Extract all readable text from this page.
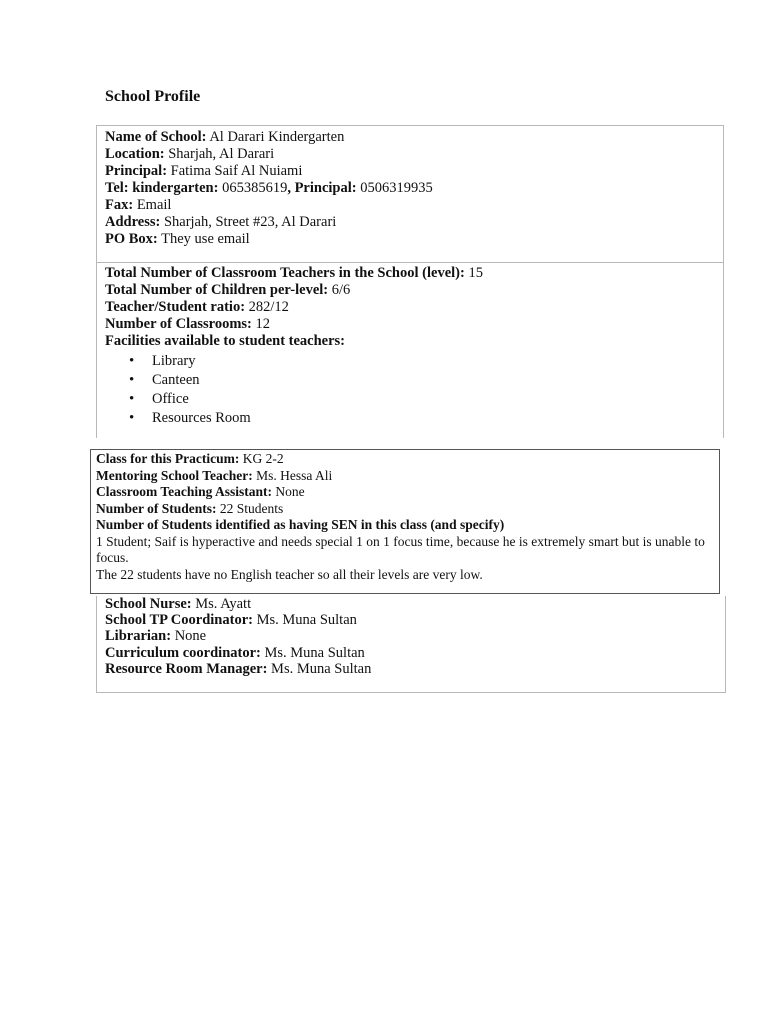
School Profile
Name of School: Al Darari Kindergarten
Location: Sharjah, Al Darari
Principal: Fatima Saif Al Nuiami
Tel: kindergarten: 065385619, Principal: 0506319935
Fax: Email
Address: Sharjah, Street #23, Al Darari
PO Box: They use email
Total Number of Classroom Teachers in the School (level): 15
Total Number of Children per-level: 6/6
Teacher/Student ratio: 282/12
Number of Classrooms: 12
Facilities available to student teachers:
• Library
• Canteen
• Office
• Resources Room
Class for this Practicum: KG 2-2
Mentoring School Teacher: Ms. Hessa Ali
Classroom Teaching Assistant: None
Number of Students: 22 Students
Number of Students identified as having SEN in this class (and specify)
1 Student; Saif is hyperactive and needs special 1 on 1 focus time, because he is extremely smart but is unable to focus.
The 22 students have no English teacher so all their levels are very low.
School Nurse: Ms. Ayatt
School TP Coordinator: Ms. Muna Sultan
Librarian: None
Curriculum coordinator: Ms. Muna Sultan
Resource Room Manager: Ms. Muna Sultan
